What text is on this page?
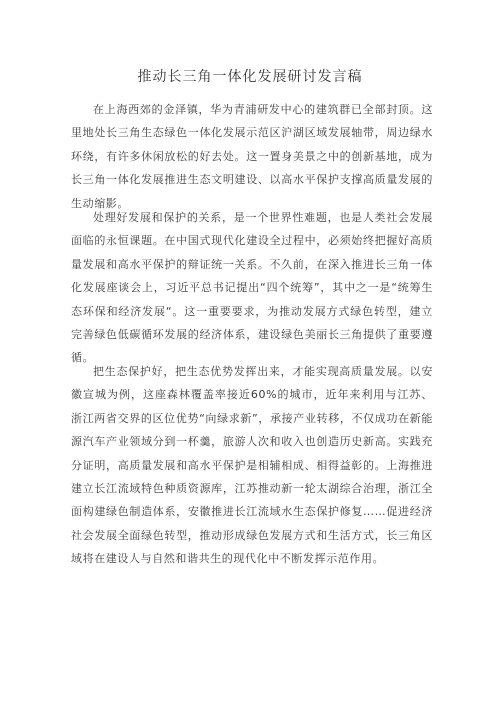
推动长三角一体化发展研讨发言稿

在上海西郊的金泽镇，华为青浦研发中心的建筑群已全部封顶。这里地处长三角生态绿色一体化发展示范区沪湖区域发展轴带，周边绿水环绕，有许多休闲放松的好去处。这一置身美景之中的创新基地，成为长三角一体化发展推进生态文明建设、以高水平保护支撑高质量发展的生动缩影。

处理好发展和保护的关系，是一个世界性难题，也是人类社会发展面临的永恒课题。在中国式现代化建设全过程中，必须始终把握好高质量发展和高水平保护的辩证统一关系。不久前，在深入推进长三角一体化发展座谈会上，习近平总书记提出“四个统筹”，其中之一是“统筹生态环保和经济发展“。这一重要要求，为推动发展方式绿色转型，建立完善绿色低碳循环发展的经济体系，建设绿色美丽长三角提供了重要遵循。

把生态保护好，把生态优势发挥出来，才能实现高质量发展。以安徽宣城为例，这座森林覆盖率接近60%的城市，近年来利用与江苏、浙江两省交界的区位优势“向绿求新”，承接产业转移，不仅成功在新能源汽车产业领域分到一杯羹，旅游人次和收入也创造历史新高。实践充分证明，高质量发展和高水平保护是相辅相成、相得益彰的。上海推进建立长江流域特色种质资源库，江苏推动新一轮太湖综合治理，浙江全面构建绿色制造体系，安徽推进长江流域水生态保护修复……促进经济社会发展全面绿色转型，推动形成绿色发展方式和生活方式，长三角区域将在建设人与自然和谐共生的现代化中不断发挥示范作用。
